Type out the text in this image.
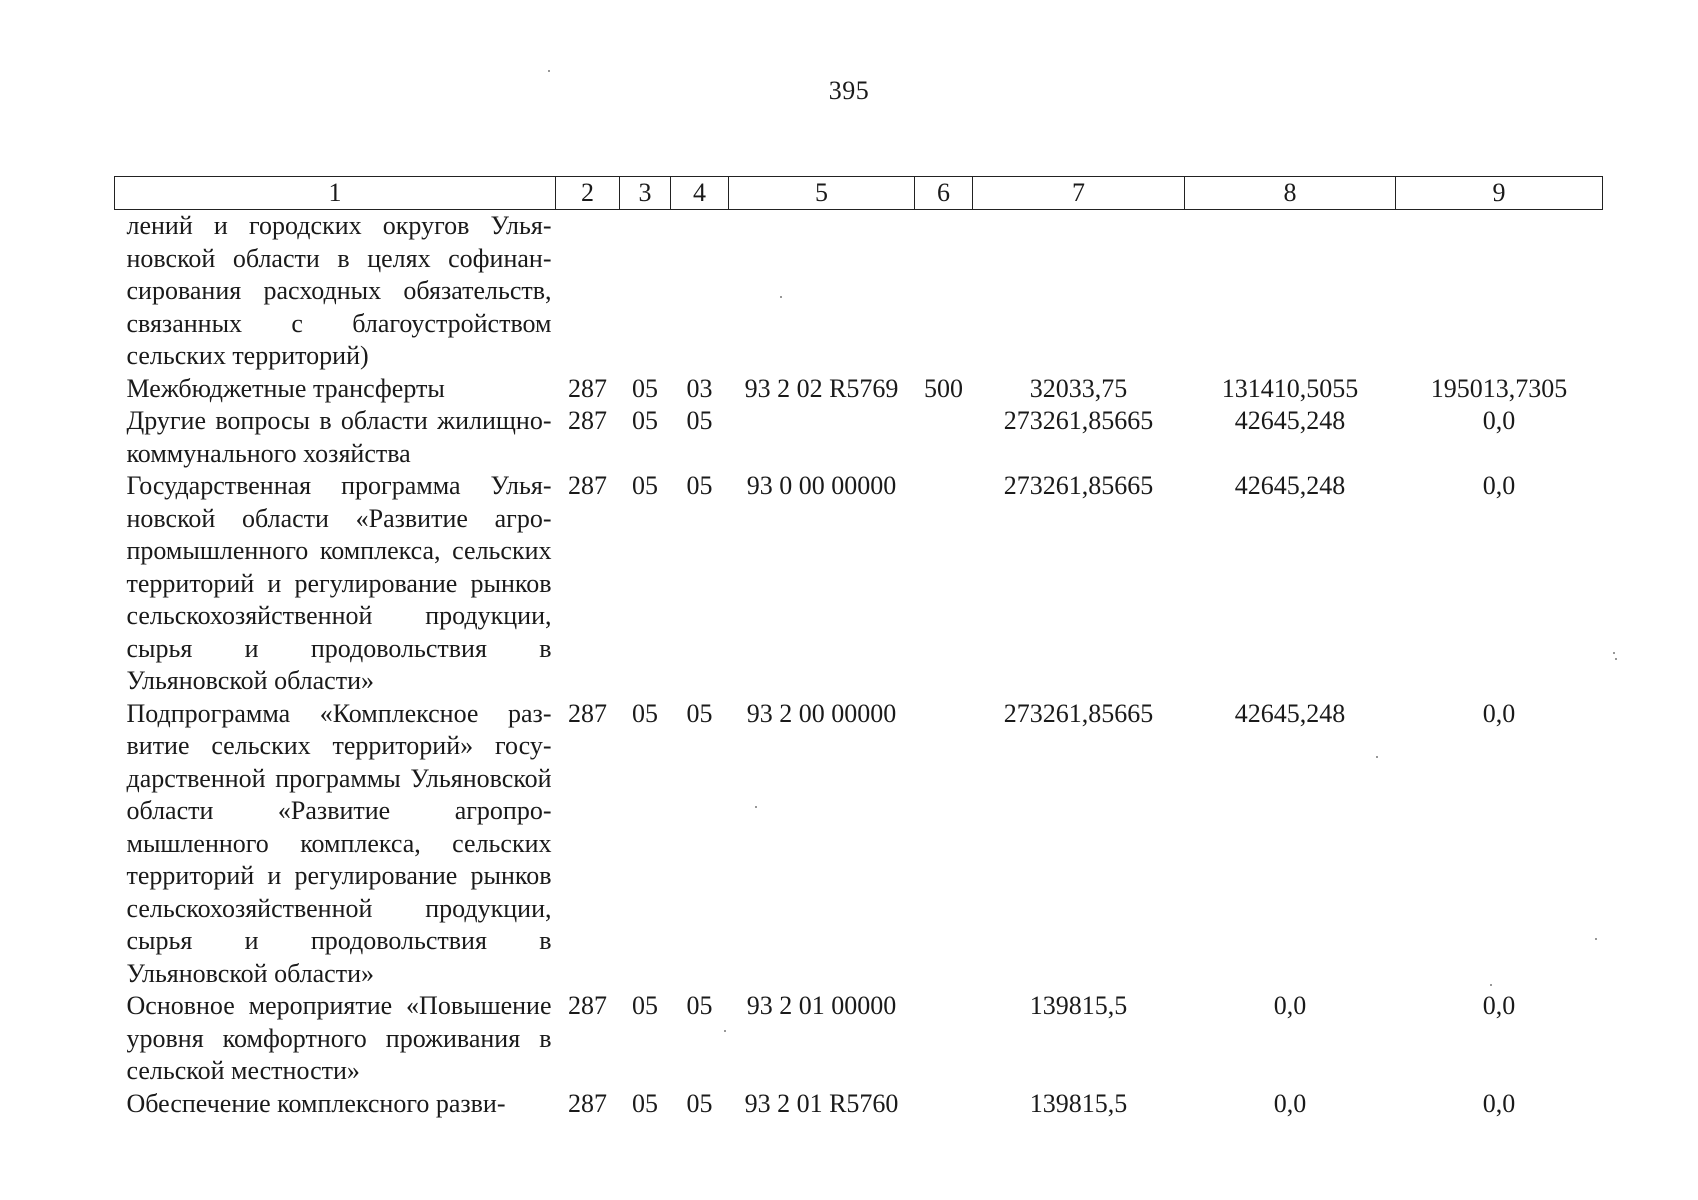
395
1	2	3	4	5	6	7	8	9
лений и городских округов Ульяновской области в целях софинансирования расходных обязательств, связанных с благоустройством сельских территорий)								
Межбюджетные трансферты	287	05	03	93 2 02 R5769	500	32033,75	131410,5055	195013,7305
Другие вопросы в области жилищно-коммунального хозяйства	287	05	05			273261,85665	42645,248	0,0
Государственная программа Ульяновской области «Развитие агропромышленного комплекса, сельских территорий и регулирование рынков сельскохозяйственной продукции, сырья и продовольствия в Ульяновской области»	287	05	05	93 0 00 00000		273261,85665	42645,248	0,0
Подпрограмма «Комплексное развитие сельских территорий» государственной программы Ульяновской области «Развитие агропромышленного комплекса, сельских территорий и регулирование рынков сельскохозяйственной продукции, сырья и продовольствия в Ульяновской области»	287	05	05	93 2 00 00000		273261,85665	42645,248	0,0
Основное мероприятие «Повышение уровня комфортного проживания в сельской местности»	287	05	05	93 2 01 00000		139815,5	0,0	0,0
Обеспечение комплексного разви-	287	05	05	93 2 01 R5760		139815,5	0,0	0,0
